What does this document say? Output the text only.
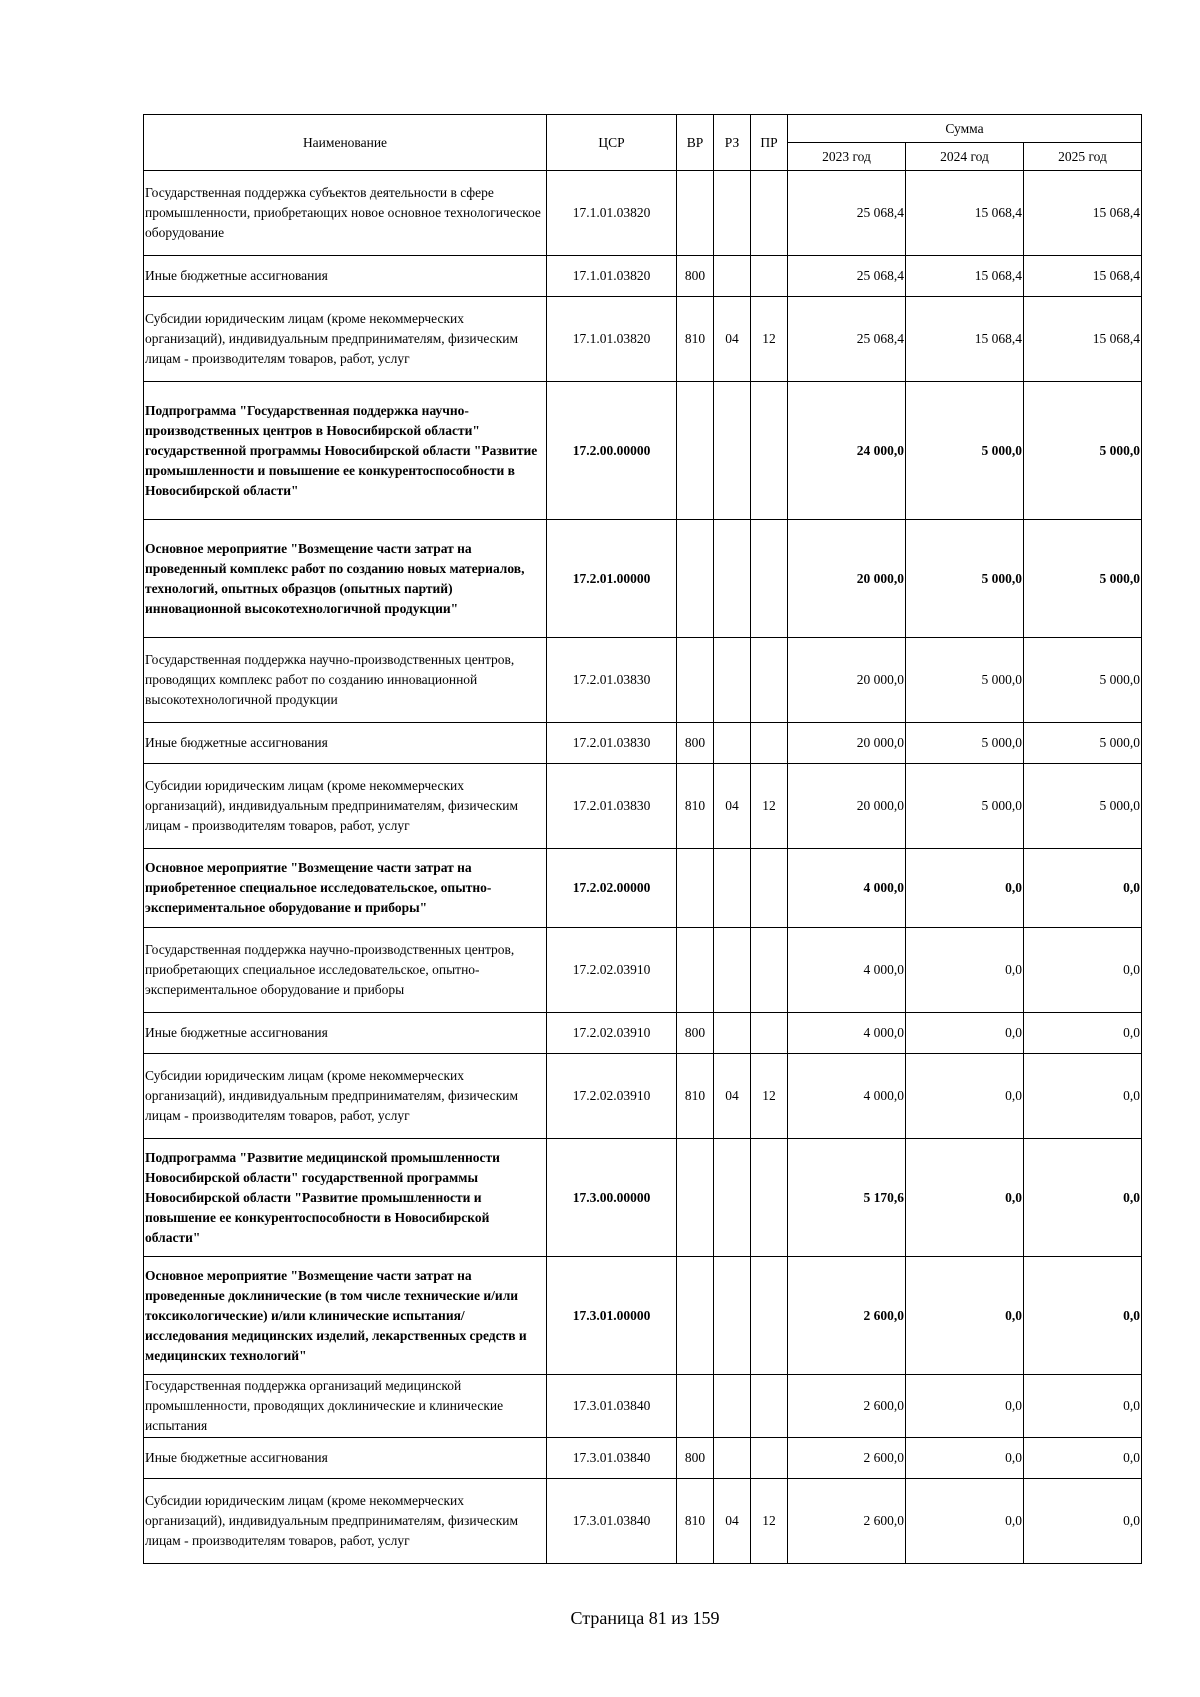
Наименование	ЦСР	ВР	РЗ	ПР	Сумма		
					2023 год	2024 год	2025 год
Государственная поддержка субъектов деятельности в сфере промышленности, приобретающих новое основное технологическое оборудование	17.1.01.03820				25 068,4	15 068,4	15 068,4
Иные бюджетные ассигнования	17.1.01.03820	800			25 068,4	15 068,4	15 068,4
Субсидии юридическим лицам (кроме некоммерческих организаций), индивидуальным предпринимателям, физическим лицам - производителям товаров, работ, услуг	17.1.01.03820	810	04	12	25 068,4	15 068,4	15 068,4
Подпрограмма "Государственная поддержка научно-производственных центров в Новосибирской области" государственной программы Новосибирской области "Развитие промышленности и повышение ее конкурентоспособности в Новосибирской области"	17.2.00.00000				24 000,0	5 000,0	5 000,0
Основное мероприятие "Возмещение части затрат на проведенный комплекс работ по созданию новых материалов, технологий, опытных образцов (опытных партий) инновационной высокотехнологичной продукции"	17.2.01.00000				20 000,0	5 000,0	5 000,0
Государственная поддержка научно-производственных центров, проводящих комплекс работ по созданию инновационной высокотехнологичной продукции	17.2.01.03830				20 000,0	5 000,0	5 000,0
Иные бюджетные ассигнования	17.2.01.03830	800			20 000,0	5 000,0	5 000,0
Субсидии юридическим лицам (кроме некоммерческих организаций), индивидуальным предпринимателям, физическим лицам - производителям товаров, работ, услуг	17.2.01.03830	810	04	12	20 000,0	5 000,0	5 000,0
Основное мероприятие "Возмещение части затрат на приобретенное специальное исследовательское, опытно-экспериментальное оборудование и приборы"	17.2.02.00000				4 000,0	0,0	0,0
Государственная поддержка научно-производственных центров, приобретающих специальное исследовательское, опытно-экспериментальное оборудование и приборы	17.2.02.03910				4 000,0	0,0	0,0
Иные бюджетные ассигнования	17.2.02.03910	800			4 000,0	0,0	0,0
Субсидии юридическим лицам (кроме некоммерческих организаций), индивидуальным предпринимателям, физическим лицам - производителям товаров, работ, услуг	17.2.02.03910	810	04	12	4 000,0	0,0	0,0
Подпрограмма "Развитие медицинской промышленности Новосибирской области" государственной программы Новосибирской области "Развитие промышленности и повышение ее конкурентоспособности в Новосибирской области"	17.3.00.00000				5 170,6	0,0	0,0
Основное мероприятие "Возмещение части затрат на проведенные доклинические (в том числе технические и/или токсикологические) и/или клинические испытания/исследования медицинских изделий, лекарственных средств и медицинских технологий"	17.3.01.00000				2 600,0	0,0	0,0
Государственная поддержка организаций медицинской промышленности, проводящих доклинические и клинические испытания	17.3.01.03840				2 600,0	0,0	0,0
Иные бюджетные ассигнования	17.3.01.03840	800			2 600,0	0,0	0,0
Субсидии юридическим лицам (кроме некоммерческих организаций), индивидуальным предпринимателям, физическим лицам - производителям товаров, работ, услуг	17.3.01.03840	810	04	12	2 600,0	0,0	0,0
Страница 81 из 159
